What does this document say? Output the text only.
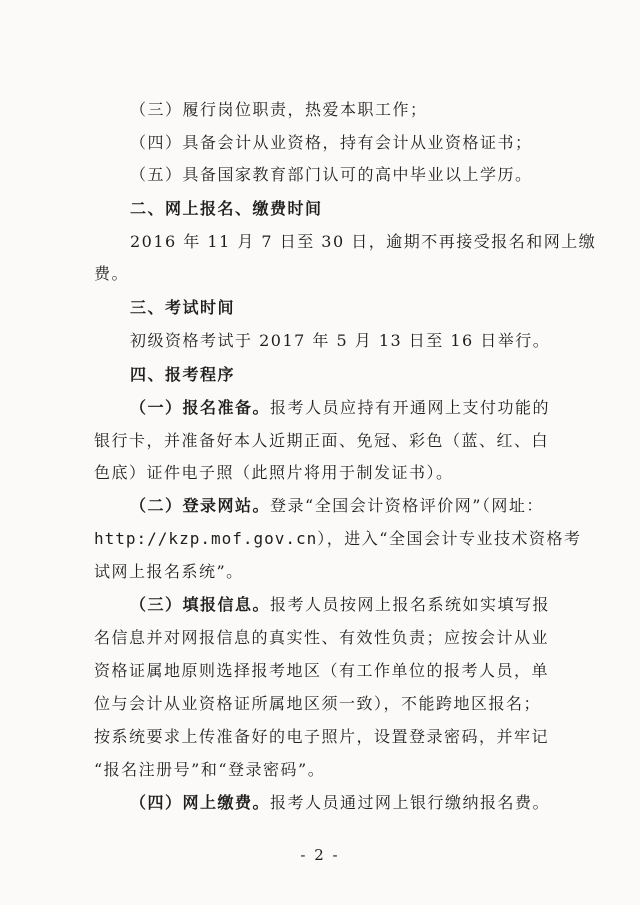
（三）履行岗位职责，热爱本职工作；
（四）具备会计从业资格，持有会计从业资格证书；
（五）具备国家教育部门认可的高中毕业以上学历。
二、网上报名、缴费时间
2016 年 11 月 7 日至 30 日，逾期不再接受报名和网上缴
费。
三、考试时间
初级资格考试于 2017 年 5 月 13 日至 16 日举行。
四、报考程序
（一）报名准备。报考人员应持有开通网上支付功能的
银行卡，并准备好本人近期正面、免冠、彩色（蓝、红、白
色底）证件电子照（此照片将用于制发证书）。
（二）登录网站。登录“全国会计资格评价网”（网址：
http://kzp.mof.gov.cn），进入“全国会计专业技术资格考
试网上报名系统”。
（三）填报信息。报考人员按网上报名系统如实填写报
名信息并对网报信息的真实性、有效性负责；应按会计从业
资格证属地原则选择报考地区（有工作单位的报考人员，单
位与会计从业资格证所属地区须一致），不能跨地区报名；
按系统要求上传准备好的电子照片，设置登录密码，并牢记
“报名注册号”和“登录密码”。
（四）网上缴费。报考人员通过网上银行缴纳报名费。
- 2 -
